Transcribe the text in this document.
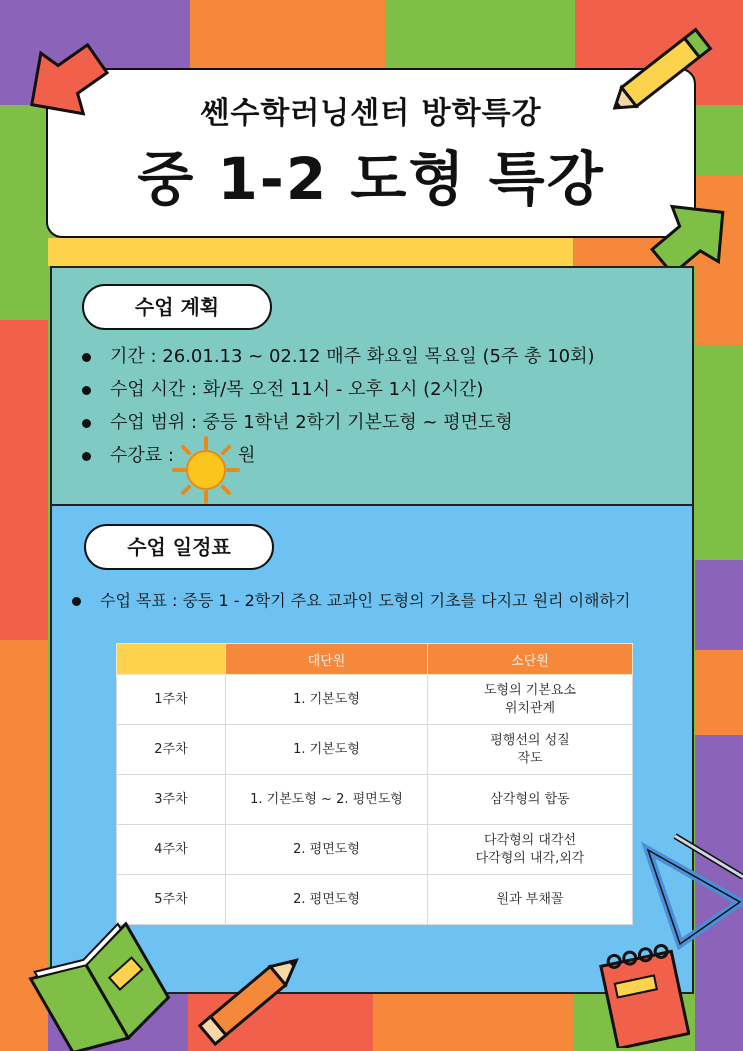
쎈수학러닝센터 방학특강
중 1-2 도형 특강
수업 계획
기간 : 26.01.13 ~ 02.12 매주 화요일 목요일 (5주 총 10회)
수업 시간 : 화/목 오전 11시 - 오후 1시 (2시간)
수업 범위 : 중등 1학년 2학기 기본도형 ~ 평면도형
수강료 :	원
수업 일정표
수업 목표 : 중등 1 - 2학기 주요 교과인 도형의 기초를 다지고 원리 이해하기
	대단원	소단원
1주차	1. 기본도형	도형의 기본요소
위치관계
2주차	1. 기본도형	평행선의 성질
작도
3주차	1. 기본도형 ~ 2. 평면도형	삼각형의 합동
4주차	2. 평면도형	다각형의 대각선
다각형의 내각,외각
5주차	2. 평면도형	원과 부채꼴
